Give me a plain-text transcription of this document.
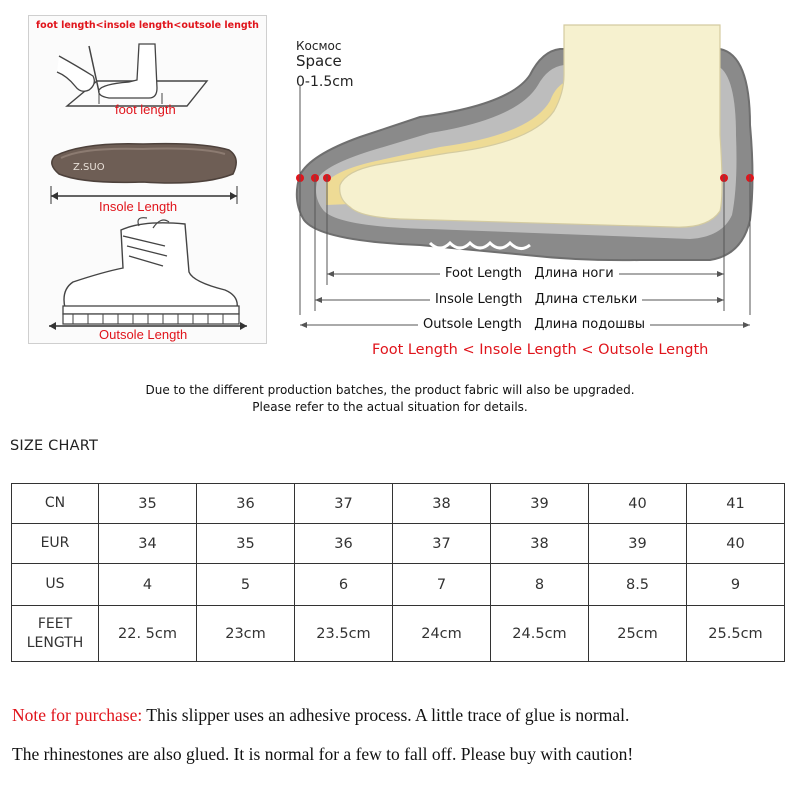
foot length<insole length<outsole length
foot length
Z.SUO
Insole Length
Outsole Length
Космос
Space
0-1.5cm
Foot Length Длина ноги
Insole Length Длина стельки
Outsole Length Длина подошвы
Foot Length < Insole Length < Outsole Length
Due to the different production batches, the product fabric will also be upgraded.
Please refer to the actual situation for details.
SIZE CHART
CN	35	36	37	38	39	40	41
EUR	34	35	36	37	38	39	40
US	4	5	6	7	8	8.5	9

FEET
LENGTH	22. 5cm	23cm	23.5cm	24cm	24.5cm	25cm	25.5cm
Note for purchase: This slipper uses an adhesive process. A little trace of glue is normal.
The rhinestones are also glued. It is normal for a few to fall off. Please buy with caution!
